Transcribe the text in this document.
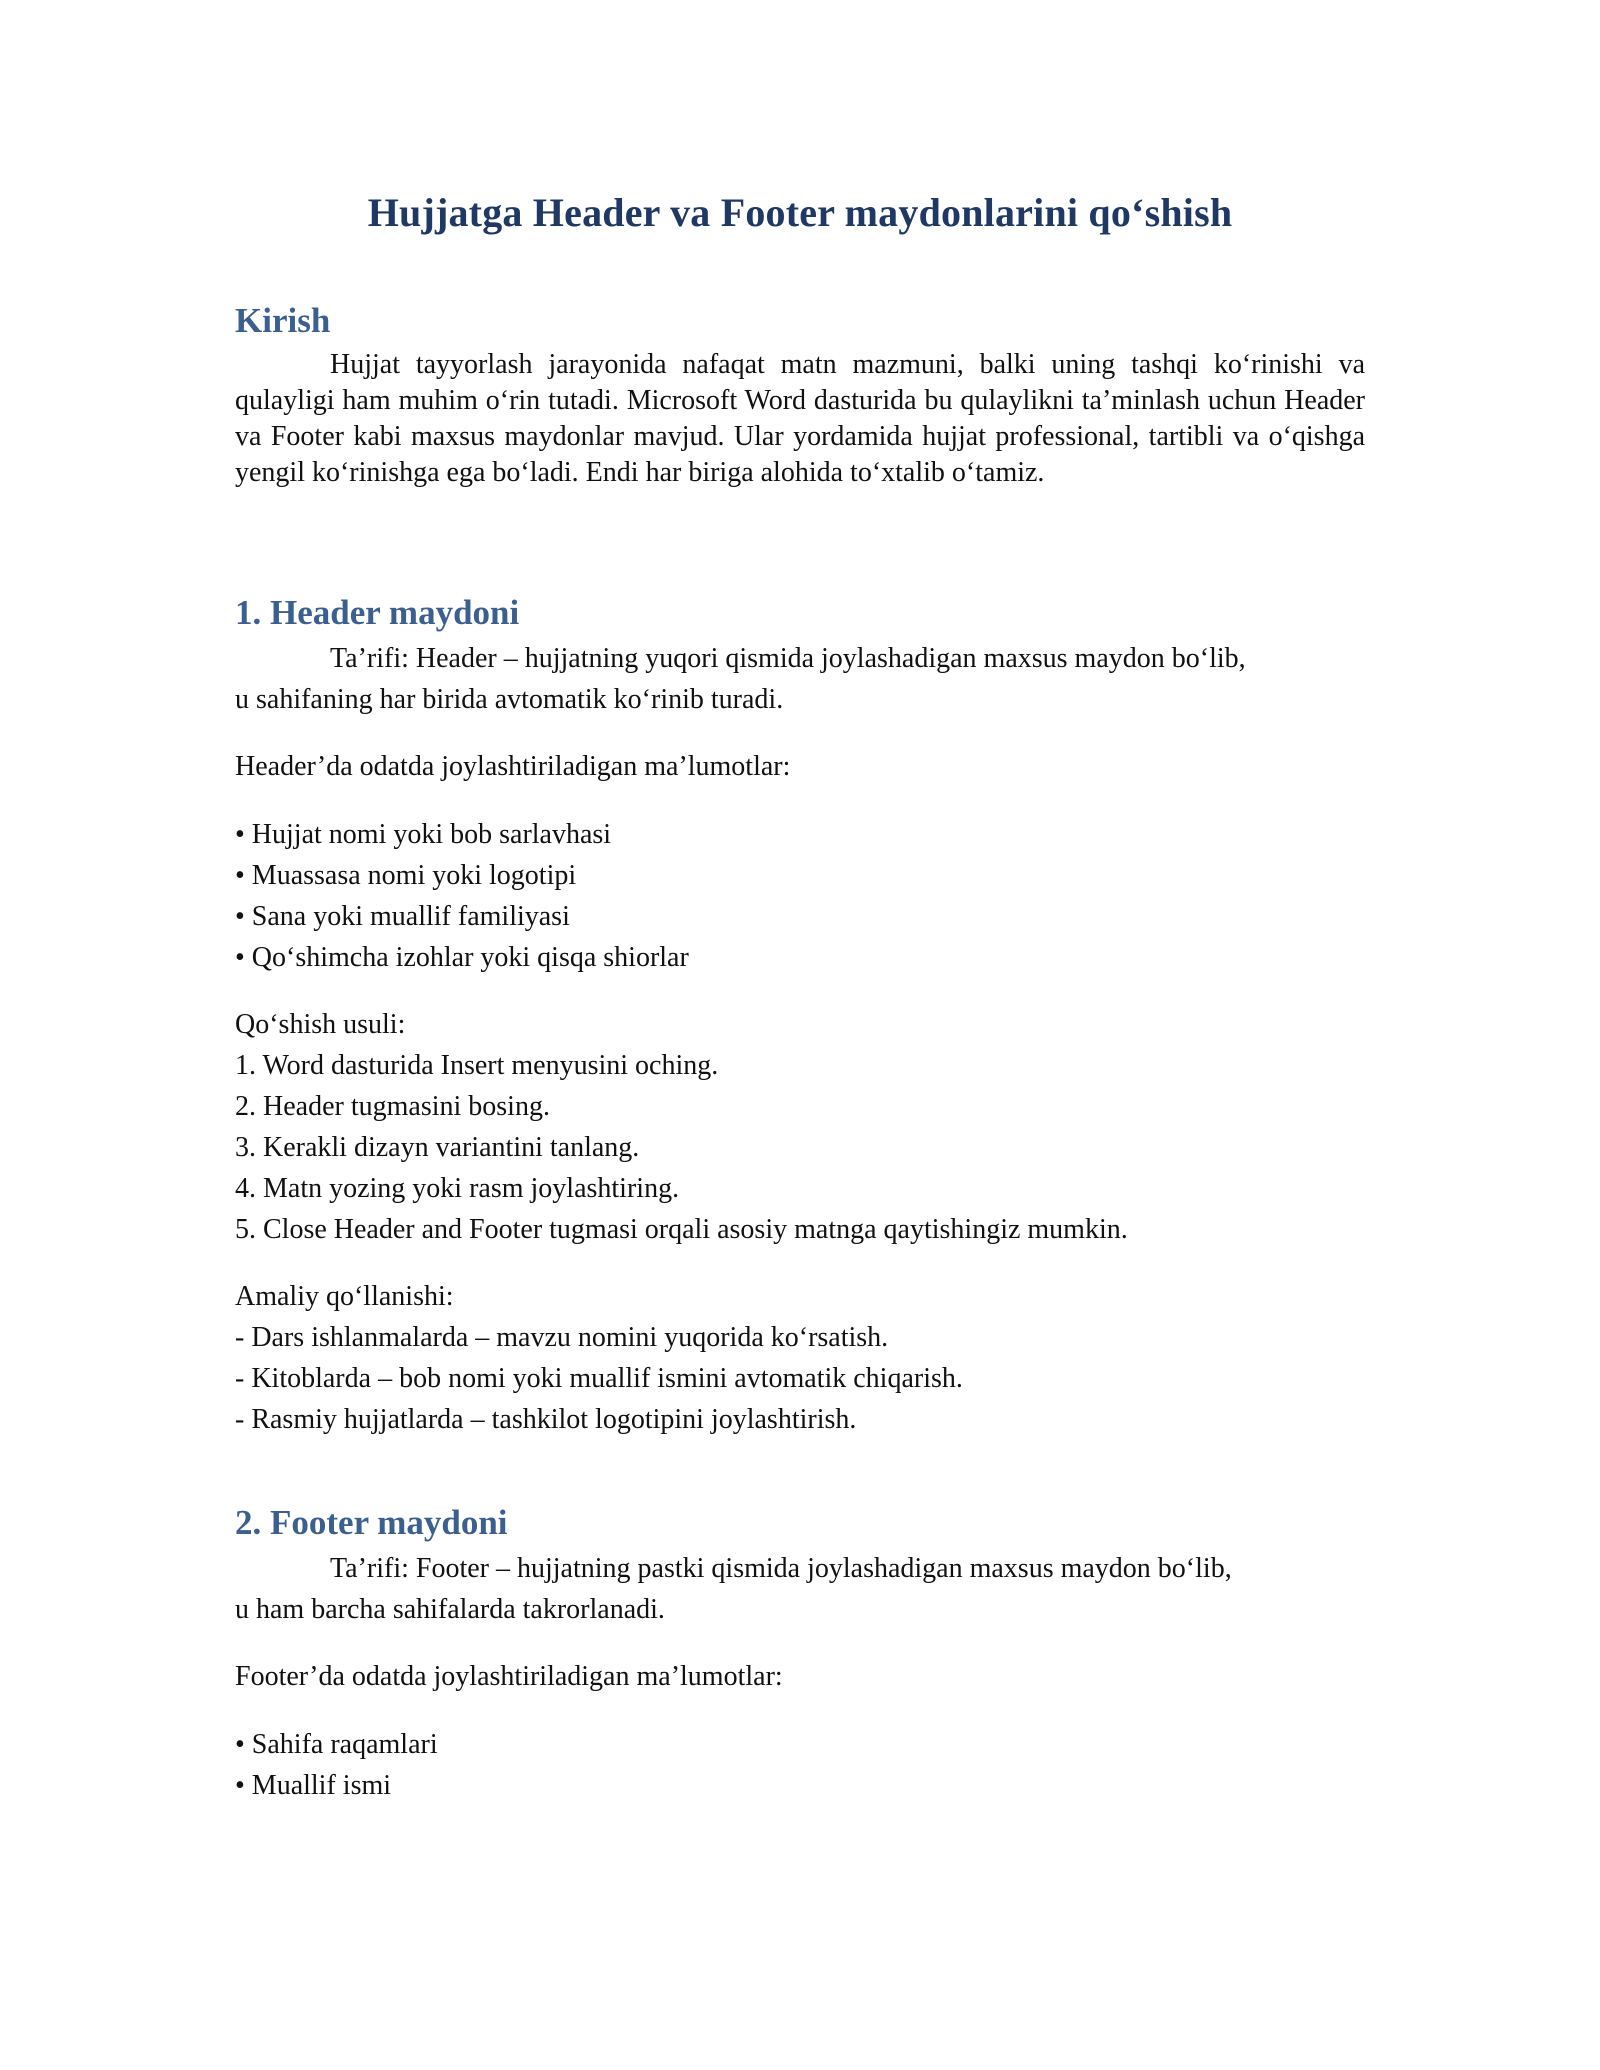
Hujjatga Header va Footer maydonlarini qo‘shish
Kirish

Hujjat tayyorlash jarayonida nafaqat matn mazmuni, balki uning tashqi ko‘rinishi va qulayligi ham muhim o‘rin tutadi. Microsoft Word dasturida bu qulaylikni ta’minlash uchun Header va Footer kabi maxsus maydonlar mavjud. Ular yordamida hujjat professional, tartibli va o‘qishga yengil ko‘rinishga ega bo‘ladi. Endi har biriga alohida to‘xtalib o‘tamiz.

1. Header maydoni
Ta’rifi: Header – hujjatning yuqori qismida joylashadigan maxsus maydon bo‘lib,
u sahifaning har birida avtomatik ko‘rinib turadi.
Header’da odatda joylashtiriladigan ma’lumotlar:
• Hujjat nomi yoki bob sarlavhasi
• Muassasa nomi yoki logotipi
• Sana yoki muallif familiyasi
• Qo‘shimcha izohlar yoki qisqa shiorlar
Qo‘shish usuli:
1. Word dasturida Insert menyusini oching.
2. Header tugmasini bosing.
3. Kerakli dizayn variantini tanlang.
4. Matn yozing yoki rasm joylashtiring.
5. Close Header and Footer tugmasi orqali asosiy matnga qaytishingiz mumkin.
Amaliy qo‘llanishi:
- Dars ishlanmalarda – mavzu nomini yuqorida ko‘rsatish.
- Kitoblarda – bob nomi yoki muallif ismini avtomatik chiqarish.
- Rasmiy hujjatlarda – tashkilot logotipini joylashtirish.
2. Footer maydoni
Ta’rifi: Footer – hujjatning pastki qismida joylashadigan maxsus maydon bo‘lib,
u ham barcha sahifalarda takrorlanadi.
Footer’da odatda joylashtiriladigan ma’lumotlar:
• Sahifa raqamlari
• Muallif ismi
